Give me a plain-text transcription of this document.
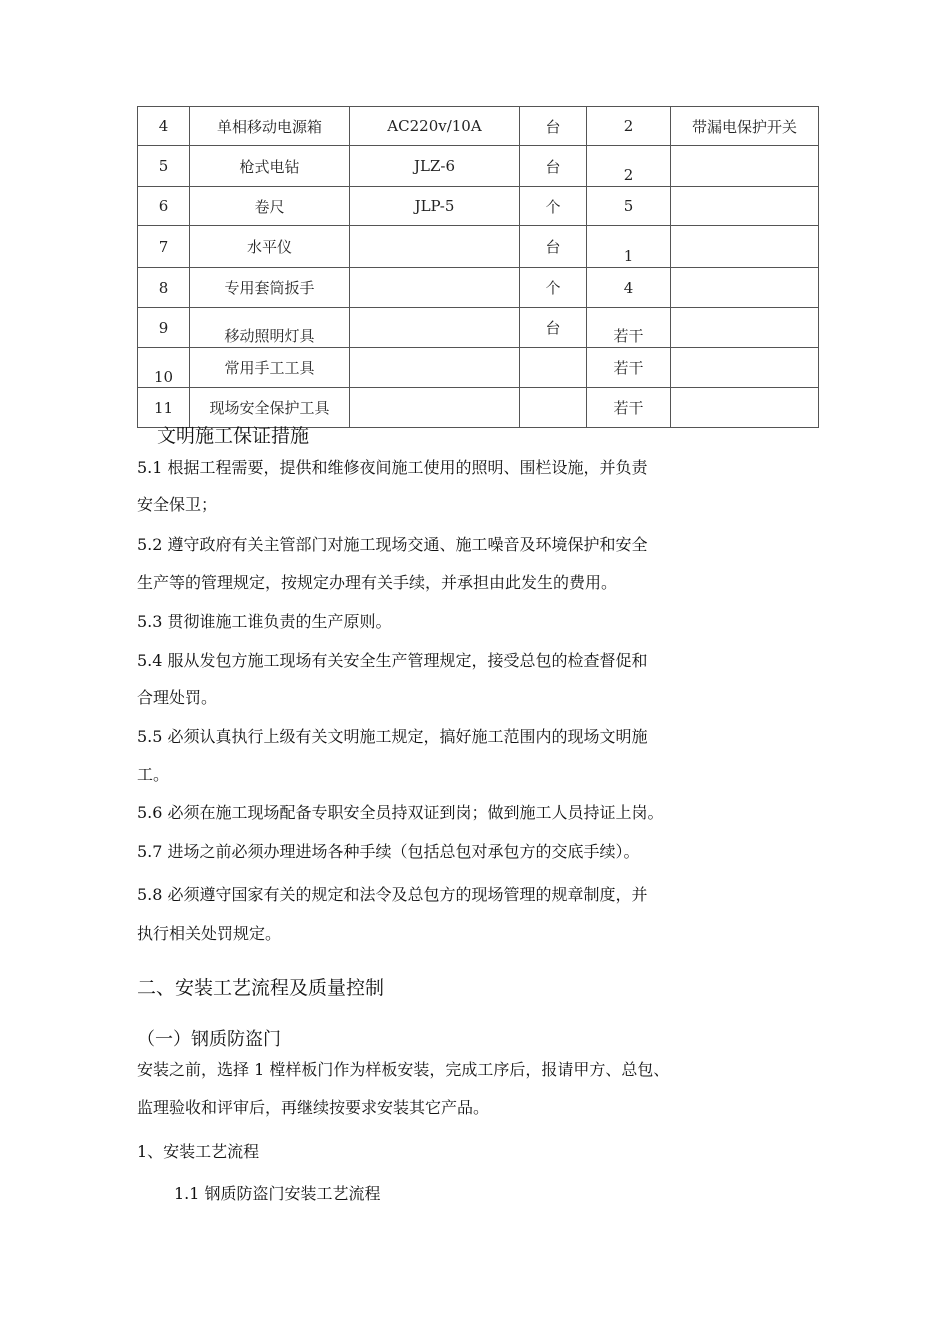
4	单相移动电源箱	AC220v/10A	台	2	带漏电保护开关
5	枪式电钻	JLZ-6	台	2	
6	卷尺	JLP-5	个	5	
7	水平仪		台	1	
8	专用套筒扳手		个	4	
9	移动照明灯具		台	若干	
10	常用手工工具			若干	
11	现场安全保护工具			若干	
文明施工保证措施
5.1 根据工程需要，提供和维修夜间施工使用的照明、围栏设施，并负责
安全保卫；
5.2 遵守政府有关主管部门对施工现场交通、施工噪音及环境保护和安全
生产等的管理规定，按规定办理有关手续，并承担由此发生的费用。
5.3 贯彻谁施工谁负责的生产原则。
5.4 服从发包方施工现场有关安全生产管理规定，接受总包的检查督促和
合理处罚。
5.5 必须认真执行上级有关文明施工规定，搞好施工范围内的现场文明施
工。
5.6 必须在施工现场配备专职安全员持双证到岗；做到施工人员持证上岗。
5.7 进场之前必须办理进场各种手续（包括总包对承包方的交底手续）。
5.8 必须遵守国家有关的规定和法令及总包方的现场管理的规章制度，并
执行相关处罚规定。
二、安装工艺流程及质量控制
（一）钢质防盗门
安装之前，选择 1 樘样板门作为样板安装，完成工序后，报请甲方、总包、
监理验收和评审后，再继续按要求安装其它产品。
1、安装工艺流程
1.1 钢质防盗门安装工艺流程
